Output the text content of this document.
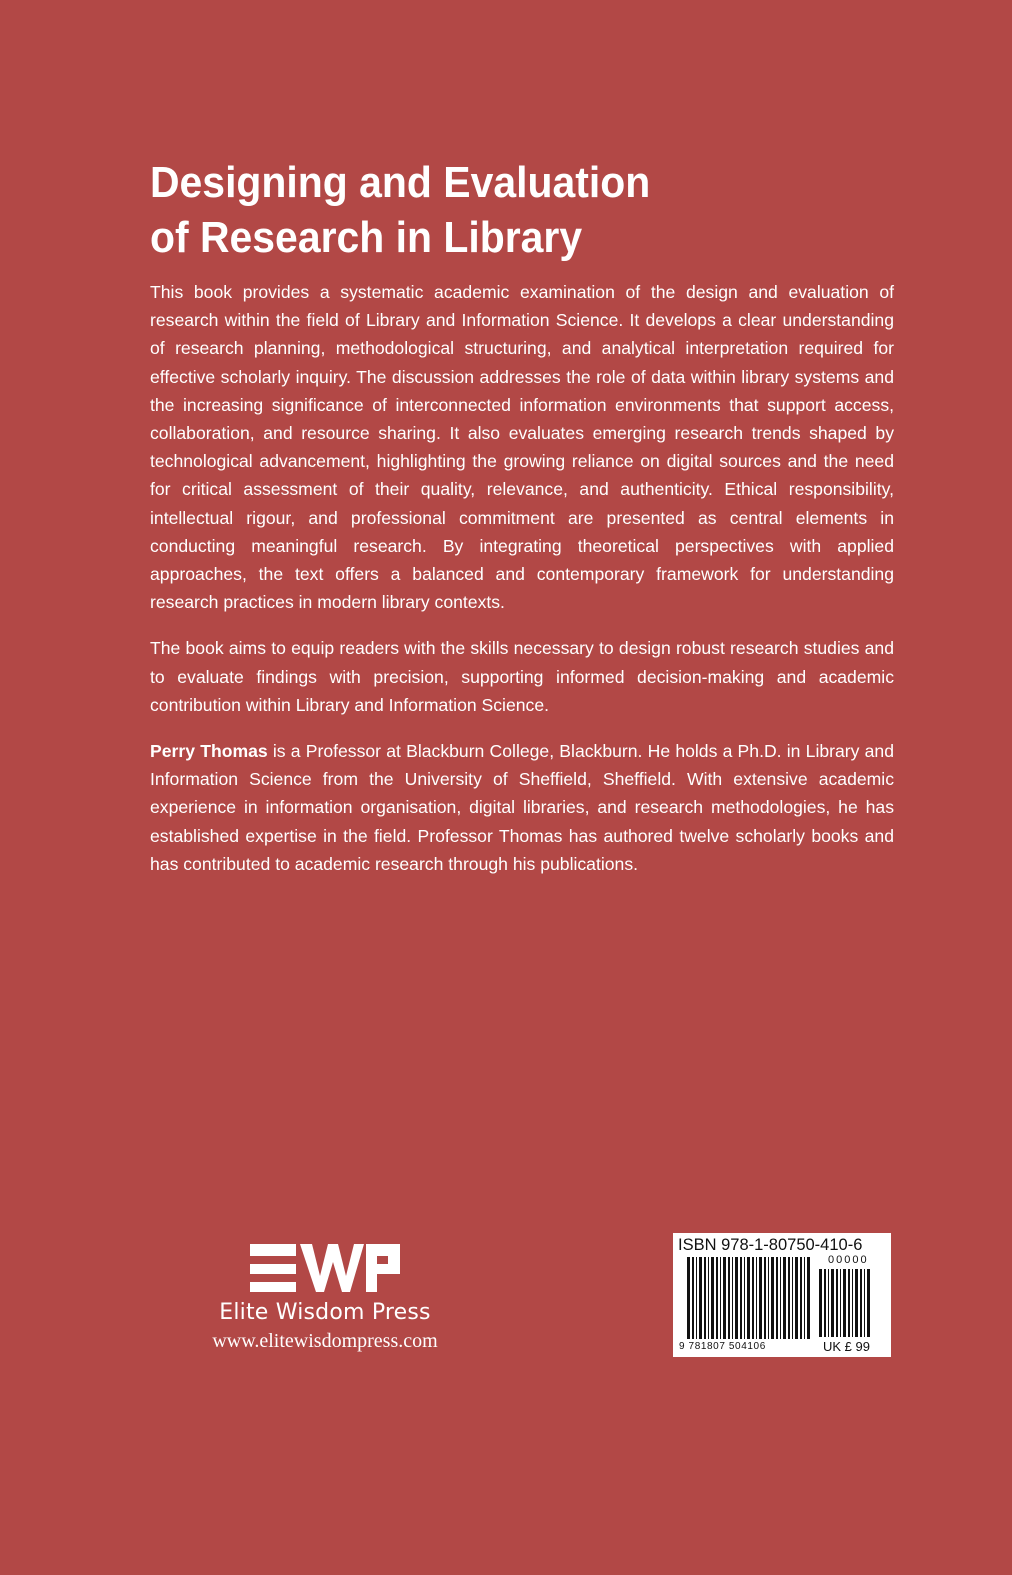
Designing and Evaluation
of Research in Library

This book provides a systematic academic examination of the design and evaluation of research within the field of Library and Information Science. It develops a clear understanding of research planning, methodological structuring, and analytical interpretation required for effective scholarly inquiry. The discussion addresses the role of data within library systems and the increasing significance of interconnected information environments that support access, collaboration, and resource sharing. It also evaluates emerging research trends shaped by technological advancement, highlighting the growing reliance on digital sources and the need for critical assessment of their quality, relevance, and authenticity. Ethical responsibility, intellectual rigour, and professional commitment are presented as central elements in conducting meaningful research. By integrating theoretical perspectives with applied approaches, the text offers a balanced and contemporary framework for understanding research practices in modern library contexts.

The book aims to equip readers with the skills necessary to design robust research studies and to evaluate findings with precision, supporting informed decision-making and academic contribution within Library and Information Science.

Perry Thomas is a Professor at Blackburn College, Blackburn. He holds a Ph.D. in Library and Information Science from the University of Sheffield, Sheffield. With extensive academic experience in information organisation, digital libraries, and research methodologies, he has established expertise in the field. Professor Thomas has authored twelve scholarly books and has contributed to academic research through his publications.

Elite Wisdom Press
www.elitewisdompress.com
ISBN 978-1-80750-410-6
00000
9 781807 504106	UK £ 99
